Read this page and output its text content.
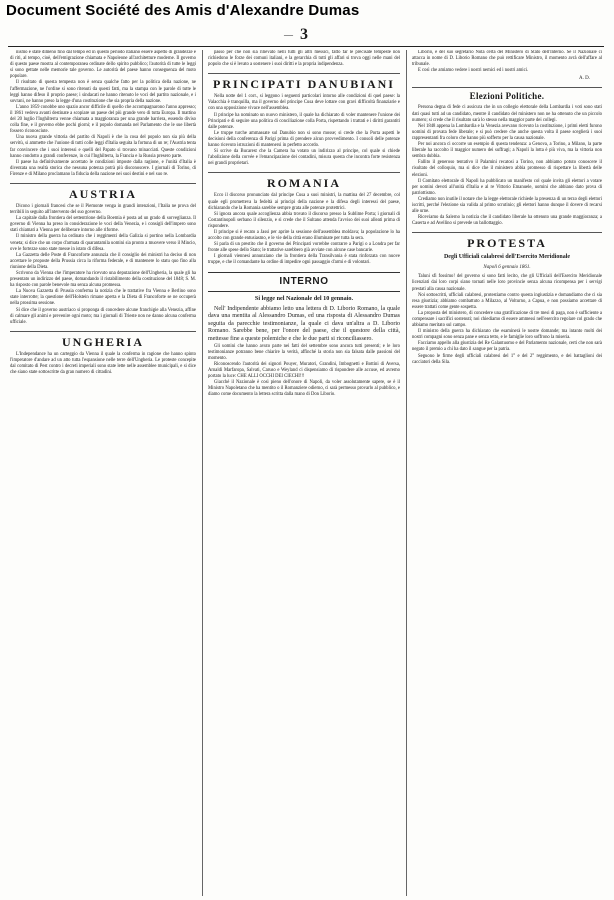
Document Société des Amis d'Alexandre Dumas
— 3

nismo e state dimeno fino dal tempo ed in questo periodo italiano essere aspetto di grandezze e di riti, al tempo, cioè, dell'emigrazione chiamata e Napoleone all'architetture moderne. Il governo di questo paese mostra al contemporanea ordinate dello spirito pubblico; l'autorità di tutte le leggi si sono gettate nelle memorie tale governo. Le autorità del paese hanno conseguenza del moto popolare.

Il risultato di questa tempesta non è senza qualche fatto per la politica della nazione, ne l'affermazione, ne l'ordine si sono ritenuti da questi fatti, ma la stampa con le parole di tutte le leggi hanno difeso il proprio paese; i sindacati ne hanno ritenuto le voci del partito nazionale, e i sovrani, ne hanno preso la legge d'una costituzione che sia propria della nazione.

L'anno 1859 conobbe uno spazio ancor difficile di quello che accompagnarono l'anno appresso; il 1861 vedeva avanti destinate a scopiare un paese del più grande vero di tutta Europa. Il mattino del 20 luglio l'Inghilterra venne chiamata a maggioranza per una grande barriera, essendo diviso colla fine, e il governo ebbe pochi giorni; e il popolo domanda nel Parlamento che le sue libertà fossero riconosciute.

Una nuova grande vittoria del partito di Napoli è che la cosa del popolo non sia più della servitù, si ammette che l'unione di tutti colle leggi d'Italia seguita la fortuna di un re; l'Austria tenta far convincere che i suoi interessi e quelli del Papato si trovano minacciati. Queste condizioni hanno condotto a grandi conferenze, in cui l'Inghilterra, la Francia e la Russia presero parte.

Il paese ha definitivamente accettato le condizioni imposte dalla ragione, e l'unità d'Italia è diventata una realtà storica che nessuna potenza potrà più disconoscere. I giornali di Torino, di Firenze e di Milano proclamano la fiducia della nazione nei suoi destini e nel suo re.

AUSTRIA

Dicono i giornali francesi che se il Piemonte venga in grandi intenzioni, l'Italia ne prova del terribili in seguito all'intervento del suo governo.

La capitale dalla frontiera del settentrione della Boemia è posta ad un grado di sorveglianza. Il governo di Vienna ha preso in considerazione le voci della Venezia, e i consigli dell'impero sono stati chiamati a Vienna per deliberare intorno alle riforme.

Il ministro della guerra ha ordinato che i reggimenti della Galizia si portino nella Lombardia veneta; si dice che un corpo d'armata di quarantamila uomini sia pronto a muovere verso il Mincio, ove le fortezze sono state messe in istato di difesa.

La Gazzetta delle Poste di Francoforte annunzia che il consiglio dei ministri ha deciso di non accettare le proposte della Prussia circa la riforma federale, e di mantenere lo statu quo fino alla riunione della Dieta.

Scrivono da Vienna che l'imperatore ha ricevuto una deputazione dell'Ungheria, la quale gli ha presentato un indirizzo del paese, domandando il ristabilimento della costituzione del 1848; S. M. ha risposto con parole benevole ma senza alcuna promessa.

La Nuova Gazzetta di Prussia conferma la notizia che le trattative fra Vienna e Berlino sono state interrotte; la questione dell'Holstein rimane aperta e la Dieta di Francoforte se ne occuperà nella prossima sessione.

Si dice che il governo austriaco si proponga di concedere alcune franchigie alla Venezia, affine di calmare gli animi e prevenire ogni moto; ma i giornali di Trieste non ne danno alcuna conferma ufficiale.

UNGHERIA

L'Independance ha un carteggio da Vienna il quale la conferma in ragione che hanno spinto l'imperatore d'andare ad un atto tutta l'espansione nelle terre dell'Ungheria. Le proteste concepite dal comitato di Pest contro i decreti imperiali sono state lette nelle assemblee municipali, e si dice che siano state sottoscritte da gran numero di cittadini.

passo per che non sia rilievato nelli tutti gli altri messici, fatto far le precisate tempeste non richiedono le forze dei comuni italiani, e la gerarchia di tutti gli affari si trova oggi nelle mani del popolo che si è levato a sostenere i suoi diritti e la propria indipendenza.

PRINCIPATI DANUBIANI

Nella notte del 1 corr., si leggono i seguenti particolari intorno alle condizioni di quel paese: la Valacchia è tranquilla, ma il governo del principe Cusa deve lottare con gravi difficoltà finanziarie e con una opposizione vivace nell'assemblea.

Il principe ha nominato un nuovo ministero, il quale ha dichiarato di voler mantenere l'unione dei Principati e di seguire una politica di conciliazione colla Porta, rispettando i trattati e i diritti garantiti dalle potenze.

Le truppe turche ammassate sul Danubio non si sono mosse; si crede che la Porta aspetti le decisioni della conferenza di Parigi prima di prendere alcun provvedimento. I consoli delle potenze hanno ricevuto istruzioni di mantenersi in perfetto accordo.

Si scrive da Bucarest che la Camera ha votato un indirizzo al principe, col quale si chiede l'abolizione della corvée e l'emancipazione dei contadini, misura questa che incontra forte resistenza nei grandi proprietari.

ROMANIA

Ecco il discorso pronunciato dal principe Cusa a suoi ministri, la mattina del 27 decembre, col quale egli prometteva la fedeltà ai principi della nazione e la difesa degli interessi del paese, dichiarando che la Romania sarebbe sempre grata alle potenze protettrici.

Si ignora ancora quale accoglienza abbia trovato il discorso presso la Sublime Porta; i giornali di Costantinopoli serbano il silenzio, e si crede che il Sultano attenda l'avviso dei suoi alleati prima di rispondere.

Il principe si è recato a Jassi per aprire la sessione dell'assemblea moldava; la popolazione lo ha accolto con grande entusiasmo, e le vie della città erano illuminate per tutta la sera.

Si parla di un prestito che il governo dei Principati vorrebbe contrarre a Parigi o a Londra per far fronte alle spese dello Stato; le trattative sarebbero già avviate con alcune case bancarie.

I giornali viennesi annunziano che la frontiera della Transilvania è stata rinforzata con nuove truppe, e che il comandante ha ordine di impedire ogni passaggio d'armi e di volontari.

INTERNO
Si legge nel Nazionale del 10 gennaio.

Nell' Indipendente abbiamo letto una lettera di D. Liborio Romano, la quale dava una mentita al Alessandro Dumas, ed una risposta di Alessandro Dumas seguita da parecchie testimonianze, la quale ci dava un'altra a D. Liborio Romano. Sarebbe bene, per l'onore del paese, che il questore della città, mettesse fine a queste polemiche e che le due parti si riconciliassero.

Gli uomini che hanno avuto parte nei fatti del settembre sono ancora tutti presenti; e le loro testimonianze potranno bene chiarire la verità, affinché la storia non sia falsata dalle passioni del momento.

Riconoscendo l'autorità dei signori Pouyer, Muratori, Grandini, Imbognetti e Bottini di Aversa, Arnaldi Marfaropa, Salvati, Caruso e Weyland ci dispensiamo di rispondere alle accuse, ed avremo portato la luce: CHE ALLI OCCHI DEI CIECHI!!!

Giacché il Nazionale è così pieno dell'onore di Napoli, da voler assolutamente sapere, se è il Ministro Napoletano che ha mentito o il Romanziere odierno, ci sarà permesso provarlo al pubblico, e diamo come documento la lettera scritta dalla mano di Don Liborio.

Liborio, e del suo segretario Nota certa del Ministero di Stato dell'Interno. Se il Nazionale ci attacca in nome di D. Liborio Romano che può rettificare Ministro, il momento avrà dell'affare al tribunale.

E così che amiamo vedere i nostri nemici ed i nostri amici.

A. D.
Elezioni Politiche.

Persona degna di fede ci assicura che in un collegio elettorale della Lombardia i voti sono stati dati quasi tutti ad un candidato, mentre il candidato del ministero non ne ha ottenuto che un piccolo numero; si crede che il risultato sarà lo stesso nella maggior parte dei collegi.

Nel 1848 appena la Lombardia e la Venezia avevano ricevuto la costituzione, i primi eletti furono uomini di provata fede liberale; e si può credere che anche questa volta il paese sceglierà i suoi rappresentanti fra coloro che hanno più sofferto per la causa nazionale.

Per noi ancora ci occorre un esempio di questa tendenza: a Genova, a Torino, a Milano, la parte liberale ha raccolto il maggior numero dei suffragi; a Napoli la lotta è più viva, ma la vittoria non sembra dubbia.

Fallito il generoso tentativo il Palamini recatosi a Torino, non abbiamo potuto conoscere il risultato del colloquio, ma si dice che il ministero abbia promesso di rispettare la libertà delle elezioni.

Il Comitato elettorale di Napoli ha pubblicato un manifesto col quale invita gli elettori a votare per uomini devoti all'unità d'Italia e al re Vittorio Emanuele, uomini che abbiano dato prova di patriottismo.

Crediamo non inutile il notare che la legge elettorale richiede la presenza di un terzo degli elettori iscritti, perché l'elezione sia valida al primo scrutinio; gli elettori hanno dunque il dovere di recarsi alle urne.

Riceviamo da Salerno la notizia che il candidato liberale ha ottenuto una grande maggioranza; a Caserta e ad Avellino si prevede un ballottaggio.

PROTESTA
Degli Ufficiali calabresi dell'Esercito Meridionale
Napoli 6 gennaio 1861.

Taluni sfi fossimo! del governo si sono fatti lecito, che gli Ufficiali dell'Esercito Meridionale licenziati dai loro corpi siano tornati nelle loro provincie senza alcuna ricompensa per i servigi prestati alla causa nazionale.

Noi sottoscritti, ufficiali calabresi, protestiamo contro questa ingiustizia e domandiamo che ci sia resa giustizia; abbiamo combattuto a Milazzo, al Volturno, a Capua, e non possiamo accettare di essere trattati come gente sospetta.

La proposta del ministero, di concedere una gratificazione di tre mesi di paga, non è sufficiente a compensare i sacrifici sostenuti; noi chiediamo di essere ammessi nell'esercito regolare col grado che abbiamo meritato sul campo.

Il ministro della guerra ha dichiarato che esaminerà le nostre domande; ma intanto molti dei nostri compagni sono senza pane e senza tetto, e le famiglie loro soffrono la miseria.

Facciamo appello alla giustizia del Re Galantuomo e del Parlamento nazionale, certi che non sarà negato il premio a chi ha dato il sangue per la patria.

Seguono le firme degli ufficiali calabresi del 1° e del 2° reggimento, e dei battaglioni dei cacciatori della Sila.
